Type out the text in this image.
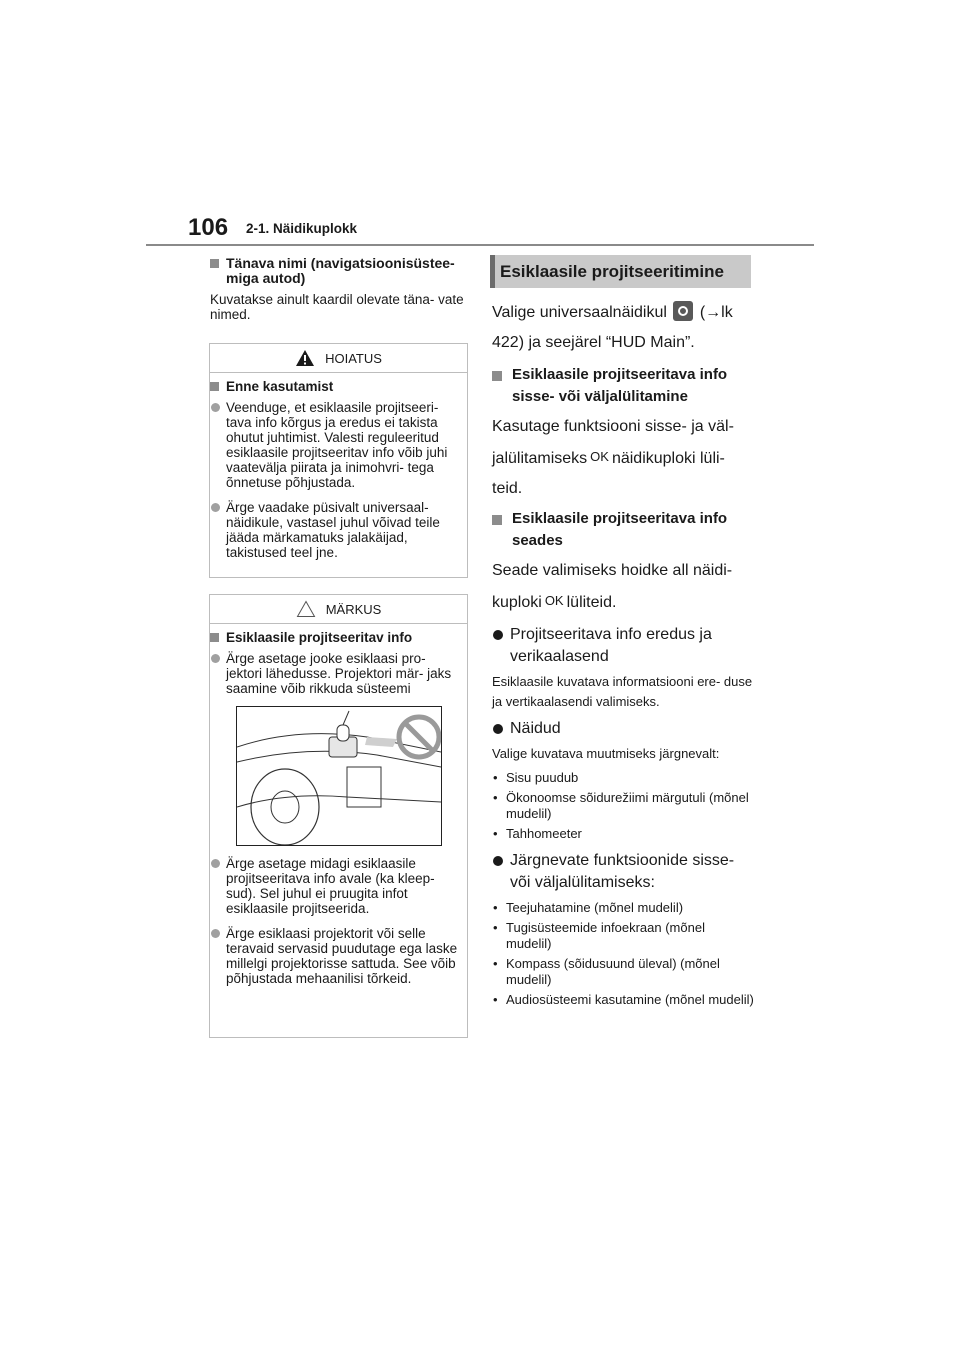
106 2-1. Näidikuplokk
Tänava nimi (navigatsioonisüstee- miga autod)
Kuvatakse ainult kaardil olevate täna- vate nimed.
HOIATUS
Enne kasutamist
Veenduge, et esiklaasile projitseeri- tava info kõrgus ja eredus ei takista ohutut juhtimist. Valesti reguleeritud esiklaasile projitseeritav info võib juhi vaatevälja piirata ja inimohvri- tega õnnetuse põhjustada.
Ärge vaadake püsivalt universaal- näidikule, vastasel juhul võivad teile jääda märkamatuks jalakäijad, takistused teel jne.
MÄRKUS
Esiklaasile projitseeritav info
Ärge asetage jooke esiklaasi pro- jektori lähedusse. Projektori mär- jaks saamine võib rikkuda süsteemi
Ärge asetage midagi esiklaasile projitseeritava info avale (ka kleep- sud). Sel juhul ei pruugita infot esiklaasile projitseerida.
Ärge esiklaasi projektorit või selle teravaid servasid puudutage ega laske millelgi projektorisse sattuda. See võib põhjustada mehaanilisi tõrkeid.
Esiklaasile projitseeritimine
Valige universaalnäidikul (→lk
422) ja seejärel “HUD Main”.
Esiklaasile projitseeritava info sisse- või väljalülitamine
Kasutage funktsiooni sisse- ja väl-
jalülitamiseks OK näidikuploki lüli-
teid.
Esiklaasile projitseeritava info seades
Seade valimiseks hoidke all näidi-
kuploki OK lüliteid.
Projitseeritava info eredus ja verikaalasend
Esiklaasile kuvatava informatsiooni ere- duse ja vertikaalasendi valimiseks.
Näidud
Valige kuvatava muutmiseks järgnevalt:
• Sisu puudub
• Ökonoomse sõidurežiimi märgutuli (mõnel mudelil)
• Tahhomeeter
Järgnevate funktsioonide sisse- või väljalülitamiseks:
• Teejuhatamine (mõnel mudelil)
• Tugisüsteemide infoekraan (mõnel mudelil)
• Kompass (sõidusuund üleval) (mõnel mudelil)
• Audiosüsteemi kasutamine (mõnel mudelil)
